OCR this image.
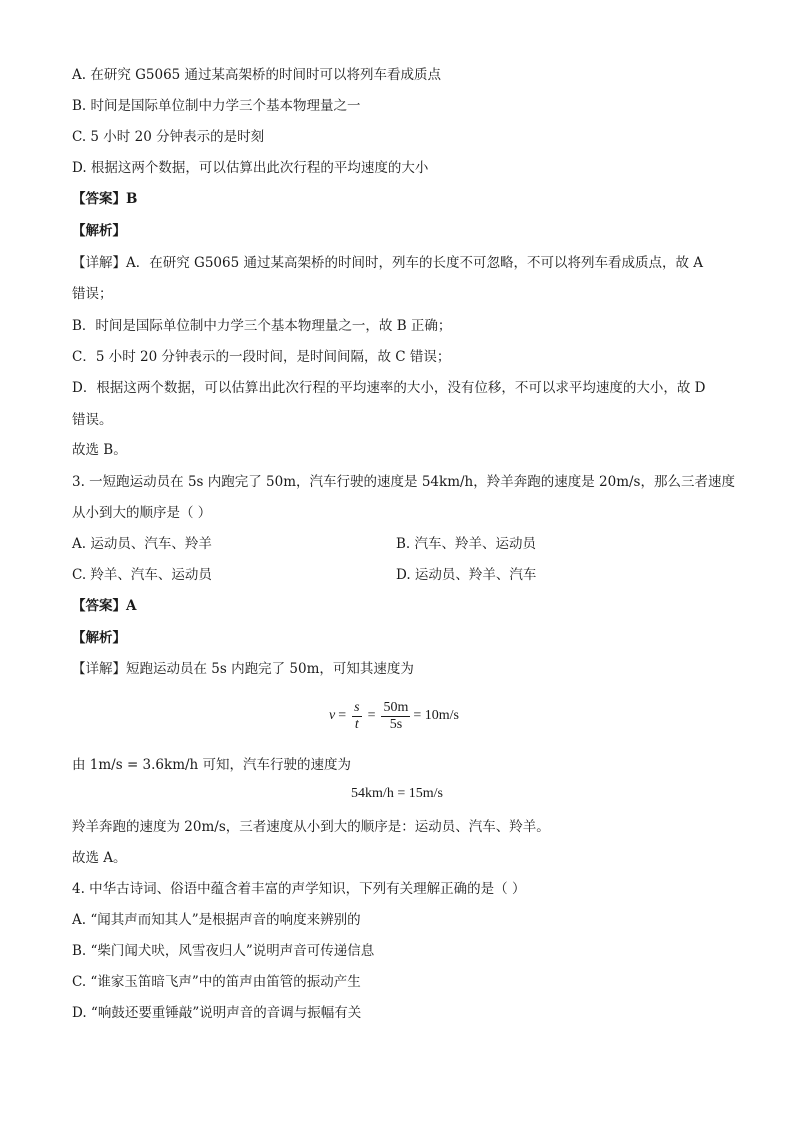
A. 在研究 G5065 通过某高架桥的时间时可以将列车看成质点
B. 时间是国际单位制中力学三个基本物理量之一
C. 5 小时 20 分钟表示的是时刻
D. 根据这两个数据，可以估算出此次行程的平均速度的大小
【答案】B
【解析】
【详解】A．在研究 G5065 通过某高架桥的时间时，列车的长度不可忽略，不可以将列车看成质点，故 A
错误；
B．时间是国际单位制中力学三个基本物理量之一，故 B 正确；
C．5 小时 20 分钟表示的一段时间，是时间间隔，故 C 错误；
D．根据这两个数据，可以估算出此次行程的平均速率的大小，没有位移，不可以求平均速度的大小，故 D
错误。
故选 B。
3. 一短跑运动员在 5s 内跑完了 50m，汽车行驶的速度是 54km/h，羚羊奔跑的速度是 20m/s，那么三者速度
从小到大的顺序是（ ）
A. 运动员、汽车、羚羊	B. 汽车、羚羊、运动员
C. 羚羊、汽车、运动员	D. 运动员、羚羊、汽车
【答案】A
【解析】
【详解】短跑运动员在 5s 内跑完了 50m，可知其速度为
$v = \frac{s}{t} = \frac{50m}{5s} = 10m/s$
由 1m/s = 3.6km/h 可知，汽车行驶的速度为
54km/h = 15m/s
羚羊奔跑的速度为 20m/s，三者速度从小到大的顺序是：运动员、汽车、羚羊。
故选 A。
4. 中华古诗词、俗语中蕴含着丰富的声学知识，下列有关理解正确的是（ ）
A. “闻其声而知其人”是根据声音的响度来辨别的
B. “柴门闻犬吠，风雪夜归人”说明声音可传递信息
C. “谁家玉笛暗飞声”中的笛声由笛管的振动产生
D. “响鼓还要重锤敲”说明声音的音调与振幅有关
